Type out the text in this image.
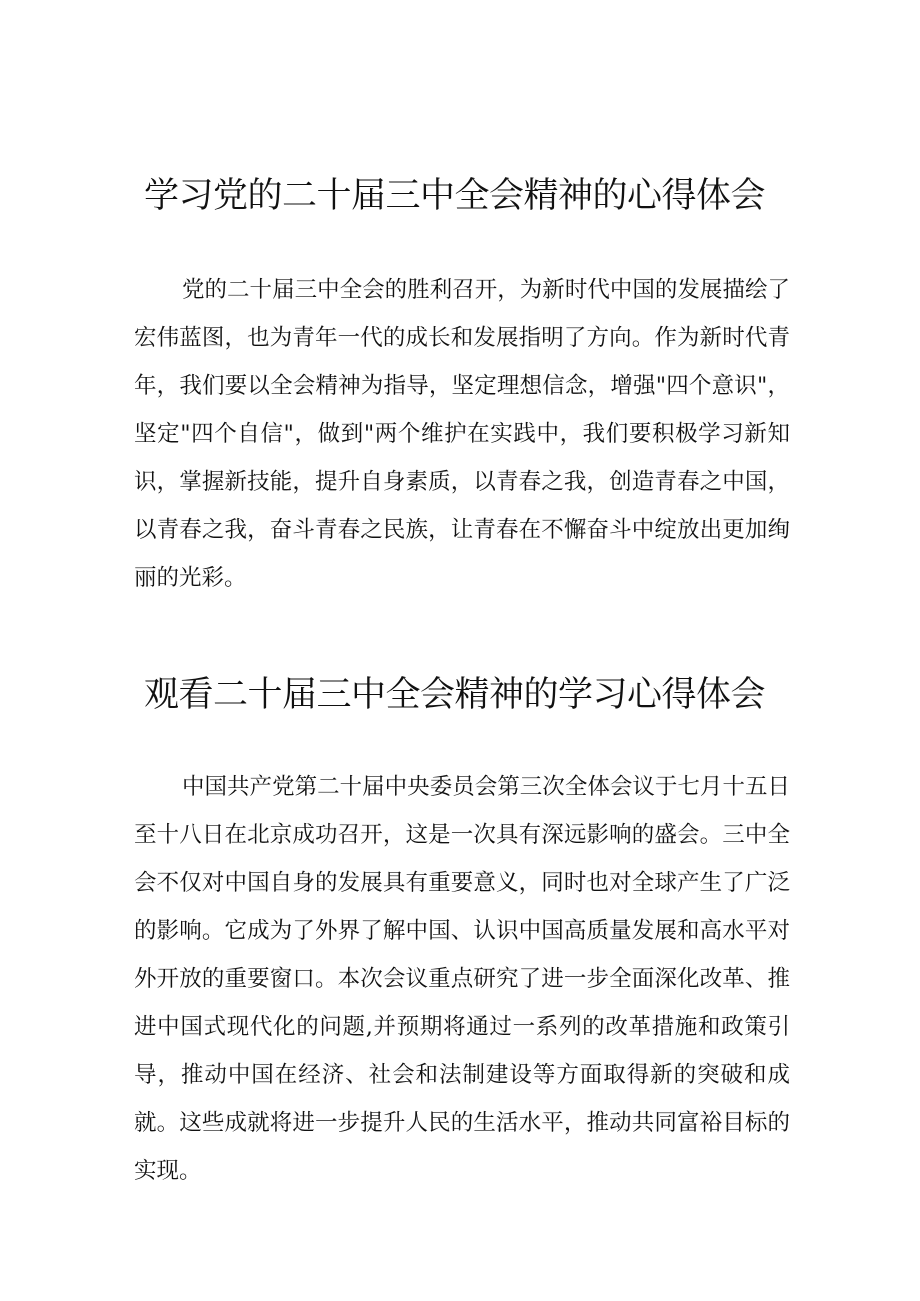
学习党的二十届三中全会精神的心得体会

党的二十届三中全会的胜利召开，为新时代中国的发展描绘了宏伟蓝图，也为青年一代的成长和发展指明了方向。作为新时代青年，我们要以全会精神为指导，坚定理想信念，增强"四个意识"，坚定"四个自信"，做到"两个维护在实践中，我们要积极学习新知识，掌握新技能，提升自身素质，以青春之我，创造青春之中国，以青春之我，奋斗青春之民族，让青春在不懈奋斗中绽放出更加绚丽的光彩。

观看二十届三中全会精神的学习心得体会

中国共产党第二十届中央委员会第三次全体会议于七月十五日至十八日在北京成功召开，这是一次具有深远影响的盛会。三中全会不仅对中国自身的发展具有重要意义，同时也对全球产生了广泛的影响。它成为了外界了解中国、认识中国高质量发展和高水平对外开放的重要窗口。本次会议重点研究了进一步全面深化改革、推进中国式现代化的问题,并预期将通过一系列的改革措施和政策引导，推动中国在经济、社会和法制建设等方面取得新的突破和成就。这些成就将进一步提升人民的生活水平，推动共同富裕目标的实现。
